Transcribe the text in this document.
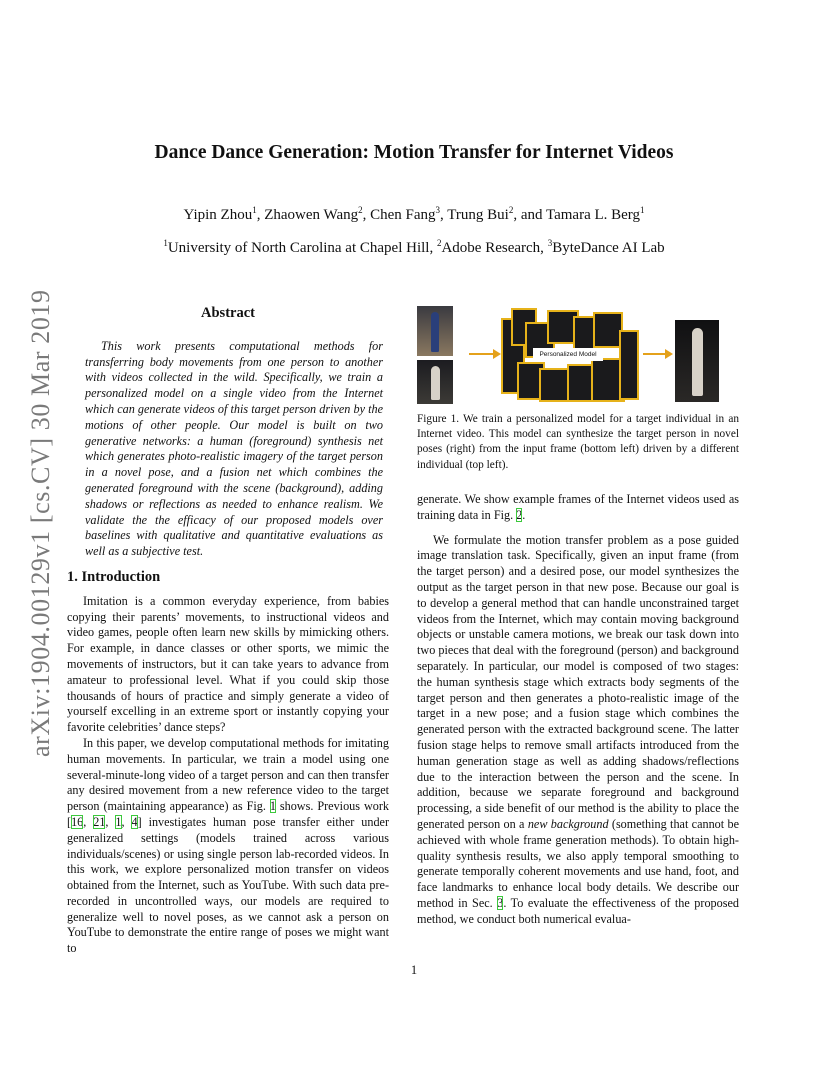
arXiv:1904.00129v1 [cs.CV] 30 Mar 2019
Dance Dance Generation: Motion Transfer for Internet Videos
Yipin Zhou$^1$, Zhaowen Wang$^2$, Chen Fang$^3$, Trung Bui$^2$, and Tamara L. Berg$^1$
$^1$University of North Carolina at Chapel Hill, $^2$Adobe Research, $^3$ByteDance AI Lab
Abstract
This work presents computational methods for transferring body movements from one person to another with videos collected in the wild. Specifically, we train a personalized model on a single video from the Internet which can generate videos of this target person driven by the motions of other people. Our model is built on two generative networks: a human (foreground) synthesis net which generates photo-realistic imagery of the target person in a novel pose, and a fusion net which combines the generated foreground with the scene (background), adding shadows or reflections as needed to enhance realism. We validate the the efficacy of our proposed models over baselines with qualitative and quantitative evaluations as well as a subjective test.
1. Introduction

Imitation is a common everyday experience, from babies copying their parents’ movements, to instructional videos and video games, people often learn new skills by mimicking others. For example, in dance classes or other sports, we mimic the movements of instructors, but it can take years to advance from amateur to professional level. What if you could skip those thousands of hours of practice and simply generate a video of yourself excelling in an extreme sport or instantly copying your favorite celebrities’ dance steps?

In this paper, we develop computational methods for imitating human movements. In particular, we train a model using one several-minute-long video of a target person and can then transfer any desired movement from a new reference video to the target person (maintaining appearance) as Fig. 1 shows. Previous work [16, 21, 1, 4] investigates human pose transfer either under generalized settings (models trained across various individuals/scenes) or using single person lab-recorded videos. In this work, we explore personalized motion transfer on videos obtained from the Internet, such as YouTube. With such data pre-recorded in uncontrolled ways, our models are required to generalize well to novel poses, as we cannot ask a person on YouTube to demonstrate the entire range of poses we might want to

Personalized Model
Figure 1. We train a personalized model for a target individual in an Internet video. This model can synthesize the target person in novel poses (right) from the input frame (bottom left) driven by a different individual (top left).

generate. We show example frames of the Internet videos used as training data in Fig. 2.

We formulate the motion transfer problem as a pose guided image translation task. Specifically, given an input frame (from the target person) and a desired pose, our model synthesizes the output as the target person in that new pose. Because our goal is to develop a general method that can handle unconstrained target videos from the Internet, which may contain moving background objects or unstable camera motions, we break our task down into two pieces that deal with the foreground (person) and background separately. In particular, our model is composed of two stages: the human synthesis stage which extracts body segments of the target person and then generates a photo-realistic image of the target in a new pose; and a fusion stage which combines the generated person with the extracted background scene. The latter fusion stage helps to remove small artifacts introduced from the human generation stage as well as adding shadows/reflections due to the interaction between the person and the scene. In addition, because we separate foreground and background processing, a side benefit of our method is the ability to place the generated person on a new background (something that cannot be achieved with whole frame generation methods). To obtain high-quality synthesis results, we also apply temporal smoothing to generate temporally coherent movements and use hand, foot, and face landmarks to enhance local body details. We describe our method in Sec. 3. To evaluate the effectiveness of the proposed method, we conduct both numerical evalua-

1
